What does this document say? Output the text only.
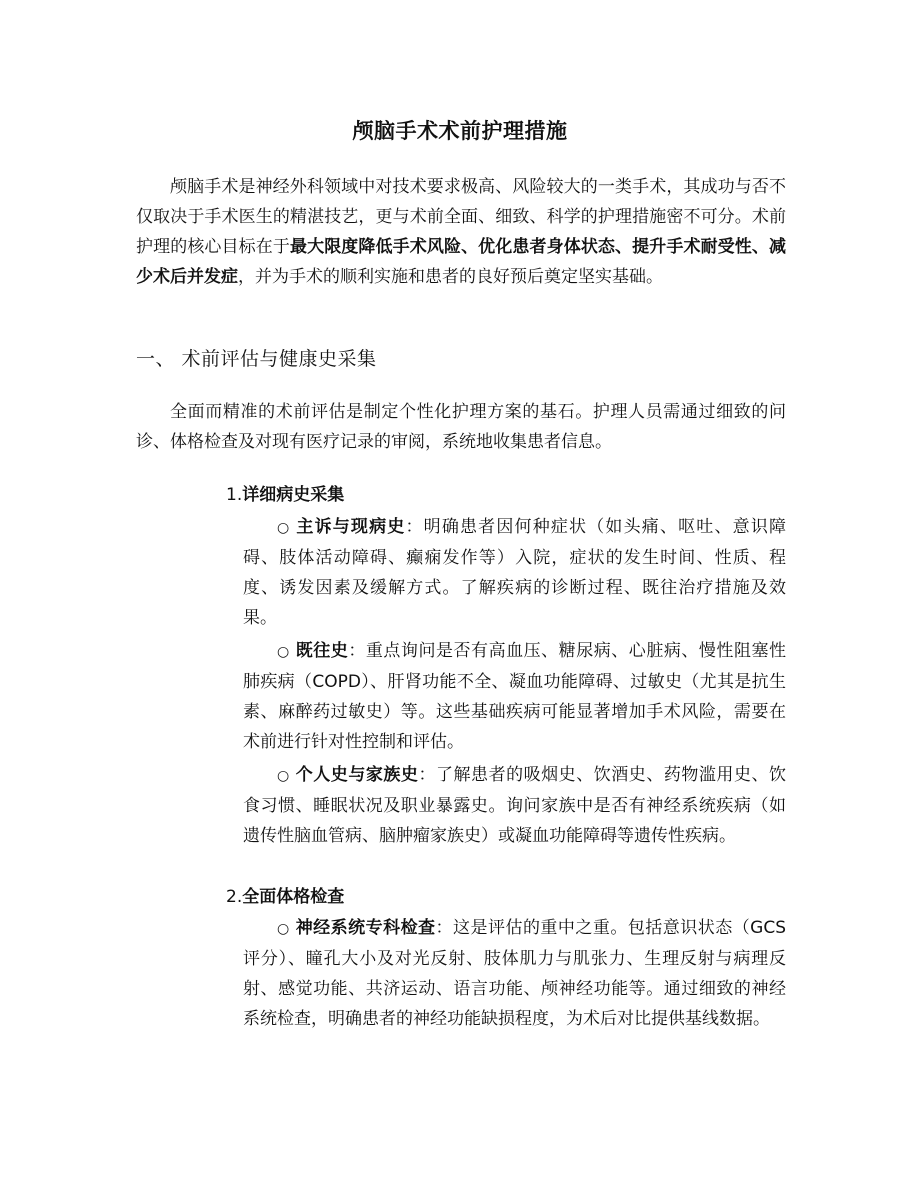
颅脑手术术前护理措施
颅脑手术是神经外科领域中对技术要求极高、风险较大的一类手术，其成功与否不仅取决于手术医生的精湛技艺，更与术前全面、细致、科学的护理措施密不可分。术前护理的核心目标在于最大限度降低手术风险、优化患者身体状态、提升手术耐受性、减少术后并发症，并为手术的顺利实施和患者的良好预后奠定坚实基础。
一、 术前评估与健康史采集
全面而精准的术前评估是制定个性化护理方案的基石。护理人员需通过细致的问诊、体格检查及对现有医疗记录的审阅，系统地收集患者信息。
1.详细病史采集
○ 主诉与现病史：明确患者因何种症状（如头痛、呕吐、意识障碍、肢体活动障碍、癫痫发作等）入院，症状的发生时间、性质、程度、诱发因素及缓解方式。了解疾病的诊断过程、既往治疗措施及效果。
○ 既往史：重点询问是否有高血压、糖尿病、心脏病、慢性阻塞性肺疾病（COPD）、肝肾功能不全、凝血功能障碍、过敏史（尤其是抗生素、麻醉药过敏史）等。这些基础疾病可能显著增加手术风险，需要在术前进行针对性控制和评估。
○ 个人史与家族史：了解患者的吸烟史、饮酒史、药物滥用史、饮食习惯、睡眠状况及职业暴露史。询问家族中是否有神经系统疾病（如遗传性脑血管病、脑肿瘤家族史）或凝血功能障碍等遗传性疾病。
2.全面体格检查
○ 神经系统专科检查：这是评估的重中之重。包括意识状态（GCS 评分）、瞳孔大小及对光反射、肢体肌力与肌张力、生理反射与病理反射、感觉功能、共济运动、语言功能、颅神经功能等。通过细致的神经系统检查，明确患者的神经功能缺损程度，为术后对比提供基线数据。
